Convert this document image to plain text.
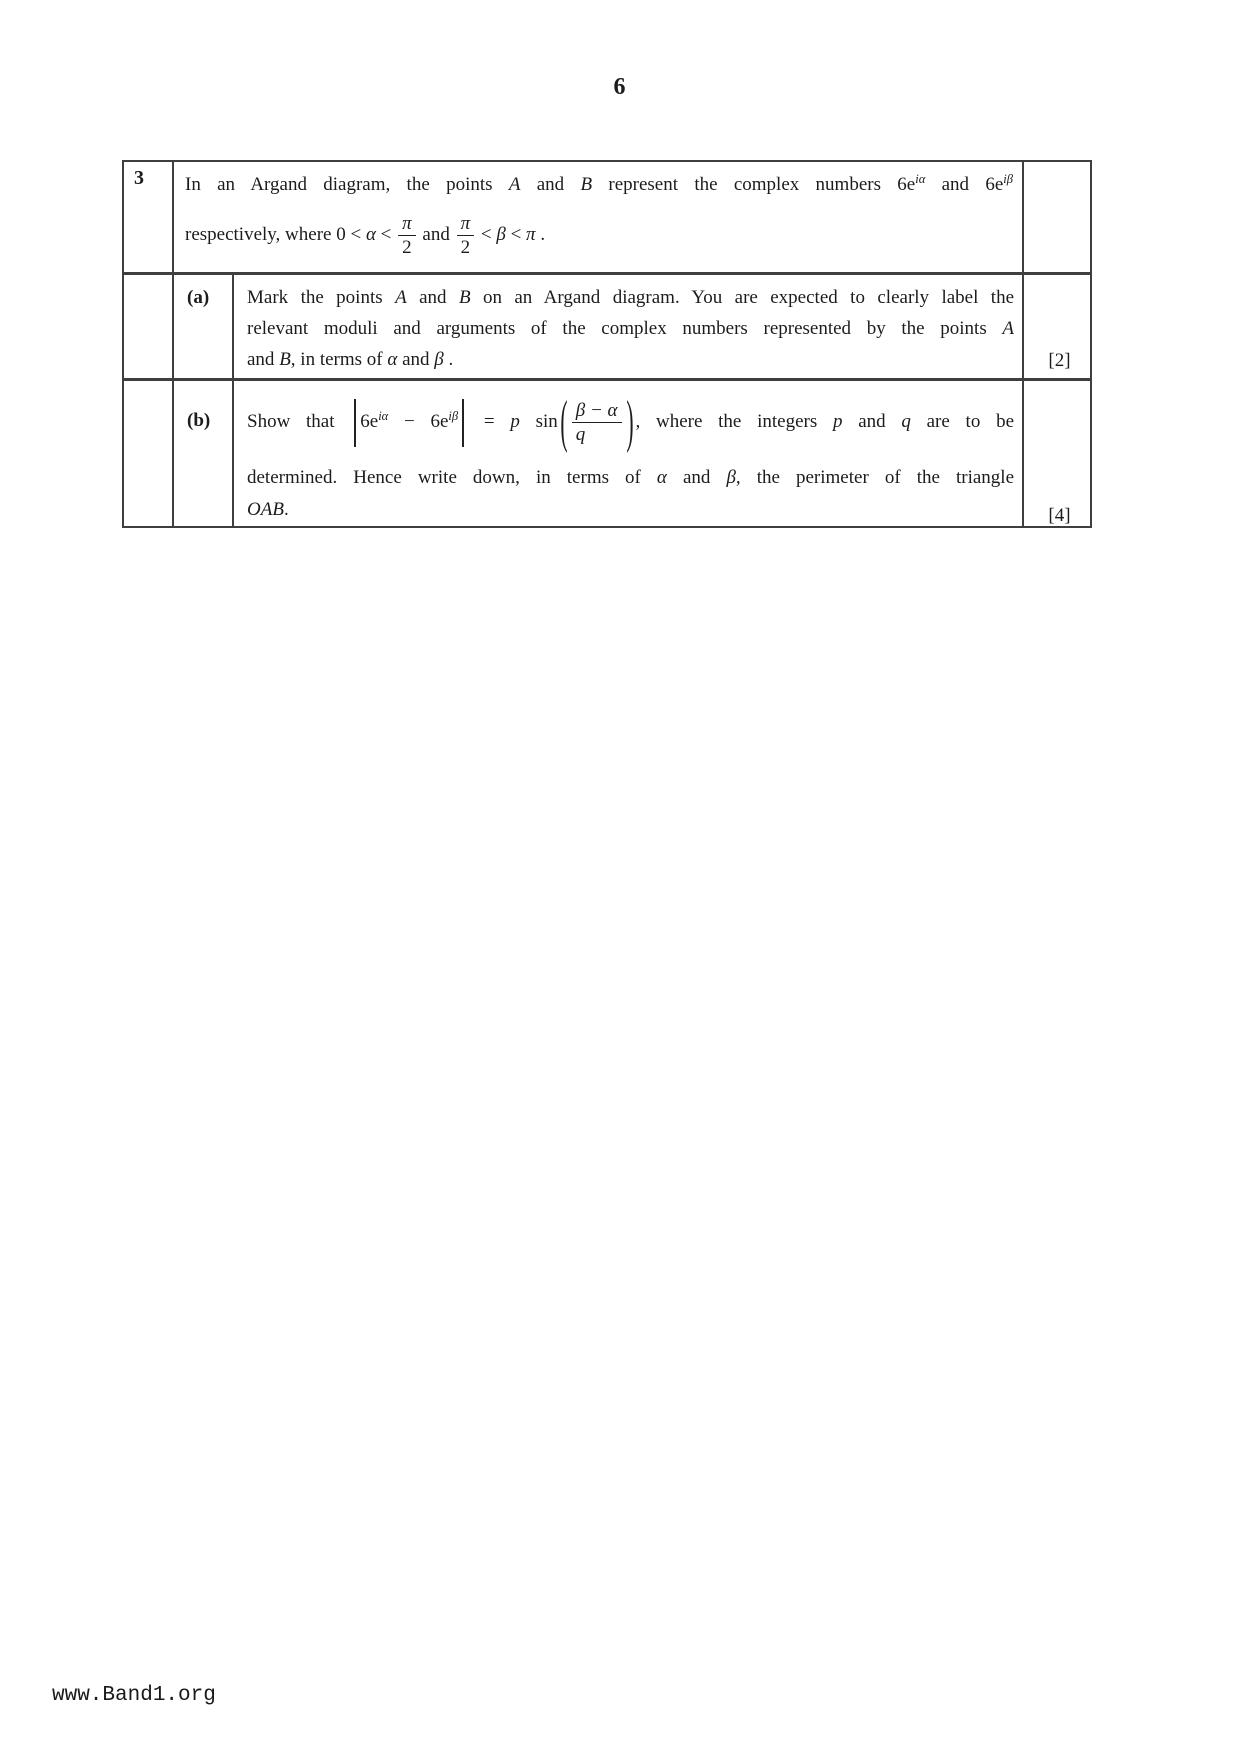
6
3 In an Argand diagram, the points A and B represent the complex numbers $6e^{i\alpha}$ and $6e^{i\beta}$
respectively, where $0 < \alpha < \frac{\pi}{2}$ and $\frac{\pi}{2} < \beta < \pi$ .
(a)	Mark the points A and B on an Argand diagram. You are expected to clearly label the
relevant moduli and arguments of the complex numbers represented by the points A
and B, in terms of α and β .	[2]
(b)	Show that $6e^{i\alpha} - 6e^{i\beta} = p$ $\sin( \frac{\beta - \alpha}{q}$ ) , where the integers p and q are to be
determined. Hence write down, in terms of α and β, the perimeter of the triangle
OAB.	[4]
www.Band1.org
